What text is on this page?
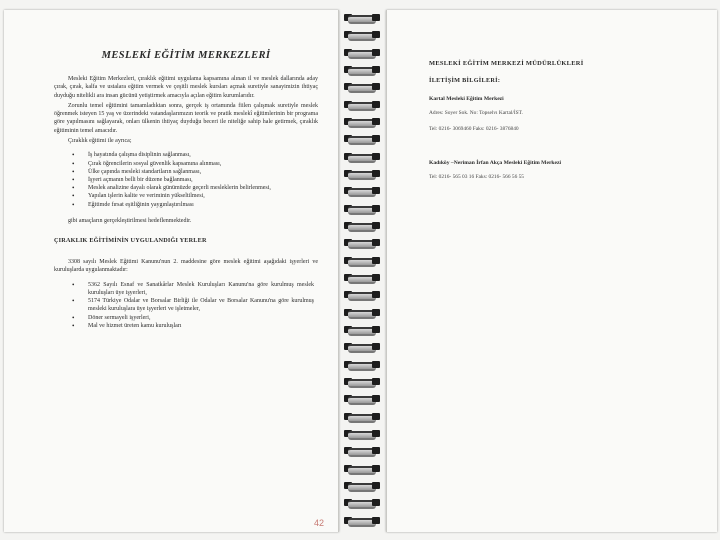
MESLEKİ EĞİTİM MERKEZLERİ

Mesleki Eğitim Merkezleri, çıraklık eğitimi uygulama kapsamına alınan il ve meslek dallarında aday çırak, çırak, kalfa ve ustalara eğitim vermek ve çeşitli meslek kursları açmak suretiyle sanayimizin ihtiyaç duyduğu nitelikli ara insan gücünü yetiştirmek amacıyla açılan eğitim kurumlarıdır.

Zorunlu temel eğitimini tamamladıktan sonra, gerçek iş ortamında fiilen çalışmak suretiyle meslek öğrenmek isteyen 15 yaş ve üzerindeki vatandaşlarımızın teorik ve pratik meslekî eğitimlerinin bir programa göre yapılmasını sağlayarak, onları ülkenin ihtiyaç duyduğu beceri ile niteliğe sahip hale getirmek, çıraklık eğitiminin temel amacıdır.

Çıraklık eğitimi ile ayrıca;

• İş hayatında çalışma disiplinin sağlanması,
• Çırak öğrencilerin sosyal güvenlik kapsamına alınması,
• Ülke çapında mesleki standartların sağlanması,
• İşyeri açmanın belli bir düzene bağlanması,
• Meslek analizine dayalı olarak günümüzde geçerli mesleklerin belirlenmesi,
• Yapılan işlerin kalite ve veriminin yükseltilmesi,
• Eğitimde fırsat eşitliğinin yaygınlaştırılması

gibi amaçların gerçekleştirilmesi hedeflenmektedir.

ÇIRAKLIK EĞİTİMİNİN UYGULANDIĞI YERLER

3308 sayılı Meslek Eğitimi Kanunu'nun 2. maddesine göre meslek eğitimi aşağıdaki işyerleri ve kuruluşlarda uygulanmaktadır:

• 5362 Sayılı Esnaf ve Sanatkârlar Meslek Kuruluşları Kanunu'na göre kurulmuş meslek kuruluşları üye işyerleri,
• 5174 Türkiye Odalar ve Borsalar Birliği ile Odalar ve Borsalar Kanunu'na göre kurulmuş mesleki kuruluşlara üye işyerleri ve işletmeler,
• Döner sermayeli işyerleri,
• Mal ve hizmet üreten kamu kuruluşları
42
MESLEKİ EĞİTİM MERKEZİ MÜDÜRLÜKLERİ
İLETİŞİM BİLGİLERİ:
Kartal Mesleki Eğitim Merkezi
Adres: Soyer Sok. No: Topselvı Kartal/İST.
Tel: 0216- 3069460 Faks: 0216- 3876840
Kadıköy –Neriman İrfan Akça Mesleki Eğitim Merkezi
Tel: 0216- 565 03 16 Faks: 0216- 566 56 55
